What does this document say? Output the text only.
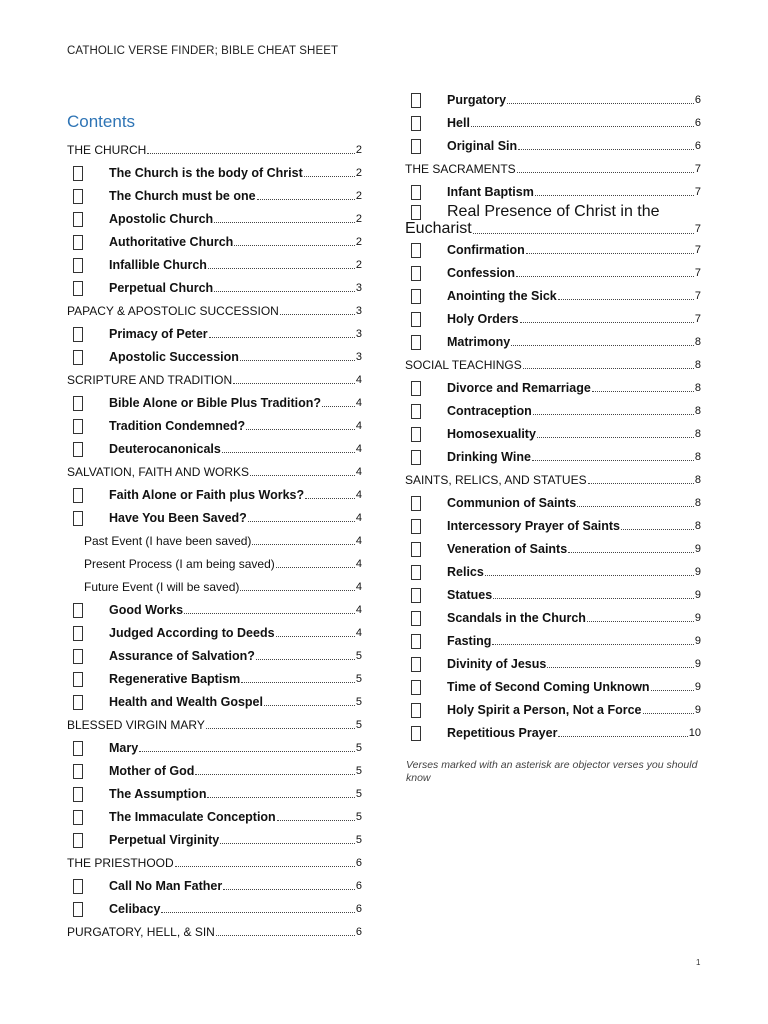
CATHOLIC VERSE FINDER; BIBLE CHEAT SHEET
Contents
THE CHURCH	2
The Church is the body of Christ	2
The Church must be one	2
Apostolic Church	2
Authoritative Church	2
Infallible Church	2
Perpetual Church	3
PAPACY & APOSTOLIC SUCCESSION	3
Primacy of Peter	3
Apostolic Succession	3
SCRIPTURE AND TRADITION	4
Bible Alone or Bible Plus Tradition?	4
Tradition Condemned?	4
Deuterocanonicals	4
SALVATION, FAITH AND WORKS	4
Faith Alone or Faith plus Works?	4
Have You Been Saved?	4
Past Event (I have been saved)	4
Present Process (I am being saved)	4
Future Event (I will be saved)	4
Good Works	4
Judged According to Deeds	4
Assurance of Salvation?	5
Regenerative Baptism	5
Health and Wealth Gospel	5
BLESSED VIRGIN MARY	5
Mary	5
Mother of God	5
The Assumption	5
The Immaculate Conception	5
Perpetual Virginity	5
THE PRIESTHOOD	6
Call No Man Father	6
Celibacy	6
PURGATORY, HELL, & SIN	6
Purgatory	6
Hell	6
Original Sin	6
THE SACRAMENTS	7
Infant Baptism	7
Real Presence of Christ in the
Eucharist	7
Confirmation	7
Confession	7
Anointing the Sick	7
Holy Orders	7
Matrimony	8
SOCIAL TEACHINGS	8
Divorce and Remarriage	8
Contraception	8
Homosexuality	8
Drinking Wine	8
SAINTS, RELICS, AND STATUES	8
Communion of Saints	8
Intercessory Prayer of Saints	8
Veneration of Saints	9
Relics	9
Statues	9
Scandals in the Church	9
Fasting	9
Divinity of Jesus	9
Time of Second Coming Unknown	9
Holy Spirit a Person, Not a Force	9
Repetitious Prayer	10
Verses marked with an asterisk are objector verses you should know
1
